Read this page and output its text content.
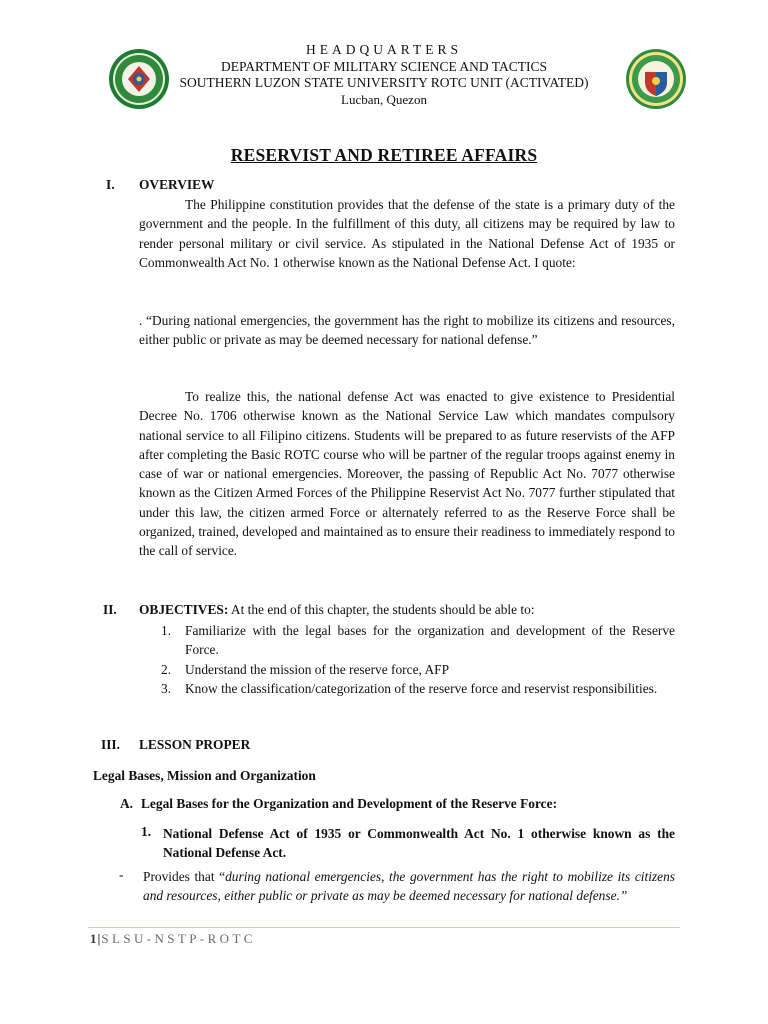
HEADQUARTERS
DEPARTMENT OF MILITARY SCIENCE AND TACTICS
SOUTHERN LUZON STATE UNIVERSITY ROTC UNIT (ACTIVATED)
Lucban, Quezon
RESERVIST AND RETIREE AFFAIRS
I. OVERVIEW
The Philippine constitution provides that the defense of the state is a primary duty of the government and the people. In the fulfillment of this duty, all citizens may be required by law to render personal military or civil service. As stipulated in the National Defense Act of 1935 or Commonwealth Act No. 1 otherwise known as the National Defense Act. I quote:
. “During national emergencies, the government has the right to mobilize its citizens and resources, either public or private as may be deemed necessary for national defense.”
To realize this, the national defense Act was enacted to give existence to Presidential Decree No. 1706 otherwise known as the National Service Law which mandates compulsory national service to all Filipino citizens. Students will be prepared to as future reservists of the AFP after completing the Basic ROTC course who will be partner of the regular troops against enemy in case of war or national emergencies. Moreover, the passing of Republic Act No. 7077 otherwise known as the Citizen Armed Forces of the Philippine Reservist Act No. 7077 further stipulated that under this law, the citizen armed Force or alternately referred to as the Reserve Force shall be organized, trained, developed and maintained as to ensure their readiness to immediately respond to the call of service.
II. OBJECTIVES: At the end of this chapter, the students should be able to:
1. Familiarize with the legal bases for the organization and development of the Reserve Force.
2. Understand the mission of the reserve force, AFP
3. Know the classification/categorization of the reserve force and reservist responsibilities.
III. LESSON PROPER
Legal Bases, Mission and Organization
A. Legal Bases for the Organization and Development of the Reserve Force:
1. National Defense Act of 1935 or Commonwealth Act No. 1 otherwise known as the National Defense Act.
- Provides that “during national emergencies, the government has the right to mobilize its citizens and resources, either public or private as may be deemed necessary for national defense.”
1|SLSU-NSTP-ROTC
